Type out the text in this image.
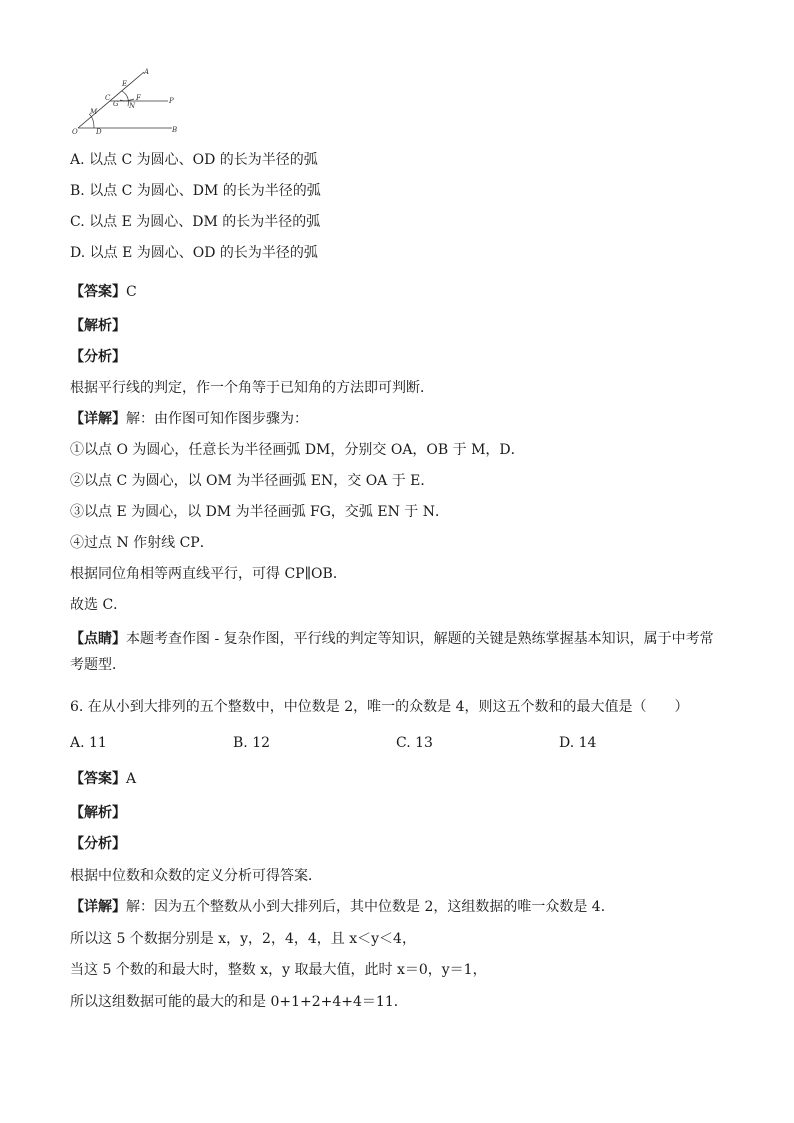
A
E
C
M
G
F
N
P
O	D	B
A. 以点 C 为圆心、OD 的长为半径的弧
B. 以点 C 为圆心、DM 的长为半径的弧
C. 以点 E 为圆心、DM 的长为半径的弧
D. 以点 E 为圆心、OD 的长为半径的弧
【答案】C
【解析】
【分析】
根据平行线的判定，作一个角等于已知角的方法即可判断．
【详解】解：由作图可知作图步骤为：
①以点 O 为圆心，任意长为半径画弧 DM，分别交 OA，OB 于 M，D．
②以点 C 为圆心，以 OM 为半径画弧 EN，交 OA 于 E．
③以点 E 为圆心，以 DM 为半径画弧 FG，交弧 EN 于 N．
④过点 N 作射线 CP．
根据同位角相等两直线平行，可得 CP∥OB．
故选 C．
【点睛】本题考查作图 - 复杂作图，平行线的判定等知识，解题的关键是熟练掌握基本知识，属于中考常考题型．
6. 在从小到大排列的五个整数中，中位数是 2，唯一的众数是 4，则这五个数和的最大值是（　　）
A. 11	B. 12	C. 13	D. 14
【答案】A
【解析】
【分析】
根据中位数和众数的定义分析可得答案．
【详解】解：因为五个整数从小到大排列后，其中位数是 2，这组数据的唯一众数是 4．
所以这 5 个数据分别是 x，y，2，4，4，且 x＜y＜4，
当这 5 个数的和最大时，整数 x，y 取最大值，此时 x＝0，y＝1，
所以这组数据可能的最大的和是 0+1+2+4+4＝11．
